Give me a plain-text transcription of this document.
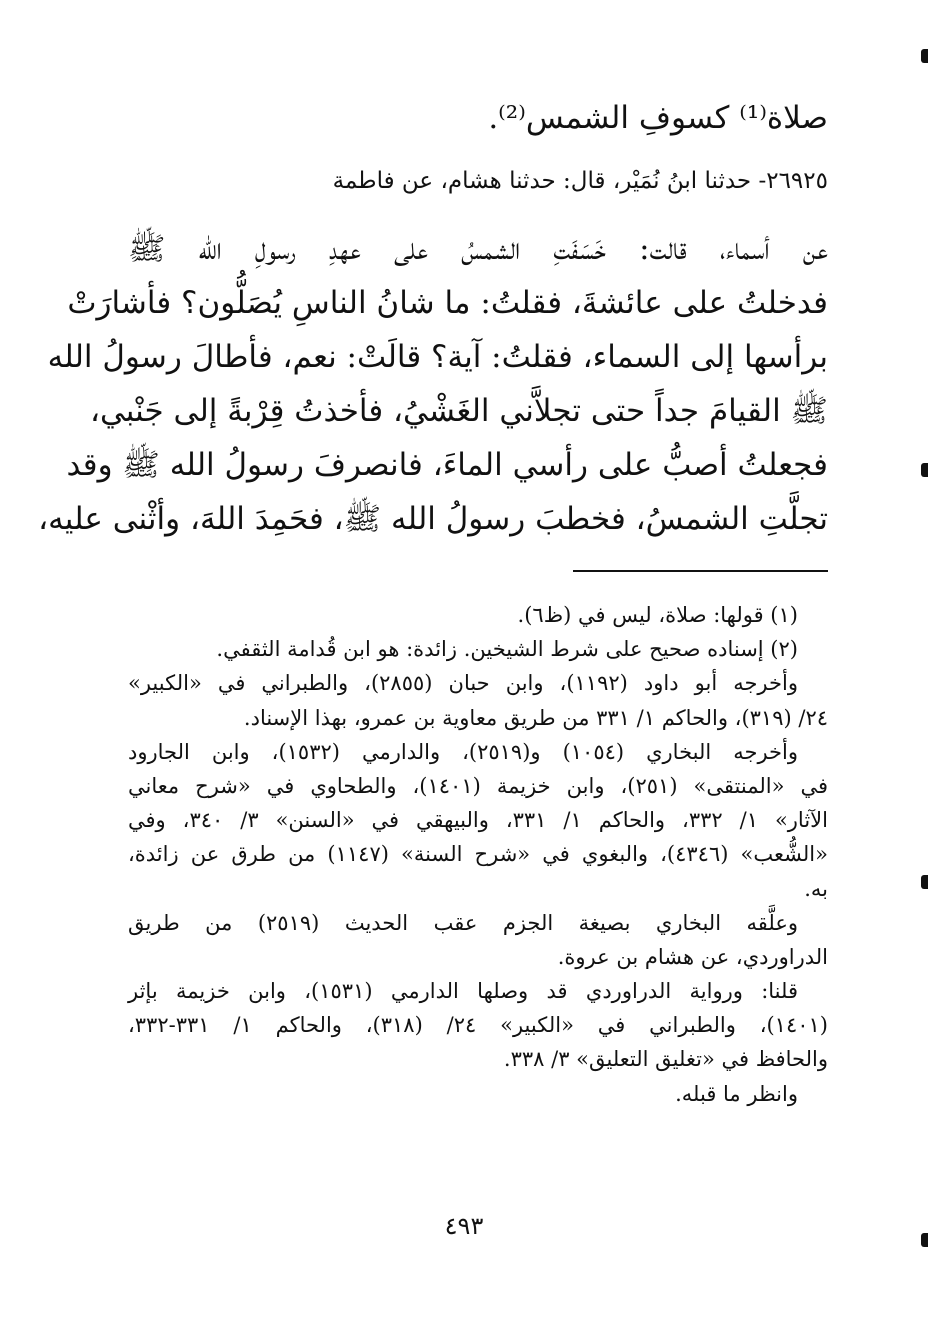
صلاة⁽¹⁾ كسوفِ الشمس⁽²⁾.
٢٦٩٢٥- حدثنا ابنُ نُمَيْر، قال: حدثنا هشام، عن فاطمة
عن أسماء، قالت: خَسَفَتِ الشمسُ على عهدِ رسولِ الله ﷺ
فدخلتُ على عائشةَ، فقلتُ: ما شانُ الناسِ يُصَلُّون؟ فأشارَتْ
برأسها إلى السماء، فقلتُ: آية؟ قالَتْ: نعم، فأطالَ رسولُ الله
ﷺ القيامَ جداً حتى تجلاَّني الغَشْيُ، فأخذتُ قِرْبةً إلى جَنْبي،
فجعلتُ أصبُّ على رأسي الماءَ، فانصرفَ رسولُ الله ﷺ وقد
تجلَّتِ الشمسُ، فخطبَ رسولُ الله ﷺ، فحَمِدَ اللهَ، وأثْنى عليه،
(١) قولها: صلاة، ليس في (ظ٦).
(٢) إسناده صحيح على شرط الشيخين. زائدة: هو ابن قُدامة الثقفي.
وأخرجه أبو داود (١١٩٢)، وابن حبان (٢٨٥٥)، والطبراني في «الكبير»
٢٤/ (٣١٩)، والحاكم ١/ ٣٣١ من طريق معاوية بن عمرو، بهذا الإسناد.
وأخرجه البخاري (١٠٥٤) و(٢٥١٩)، والدارمي (١٥٣٢)، وابن الجارود
في «المنتقى» (٢٥١)، وابن خزيمة (١٤٠١)، والطحاوي في «شرح معاني
الآثار» ١/ ٣٣٢، والحاكم ١/ ٣٣١، والبيهقي في «السنن» ٣/ ٣٤٠، وفي
«الشُّعب» (٤٣٤٦)، والبغوي في «شرح السنة» (١١٤٧) من طرق عن زائدة،
به.
وعلَّقه البخاري بصيغة الجزم عقب الحديث (٢٥١٩) من طريق
الدراوردي، عن هشام بن عروة.
قلنا: ورواية الدراوردي قد وصلها الدارمي (١٥٣١)، وابن خزيمة بإثر
(١٤٠١)، والطبراني في «الكبير» ٢٤/ (٣١٨)، والحاكم ١/ ٣٣١-٣٣٢،
والحافظ في «تغليق التعليق» ٣/ ٣٣٨.
وانظر ما قبله.
٤٩٣
